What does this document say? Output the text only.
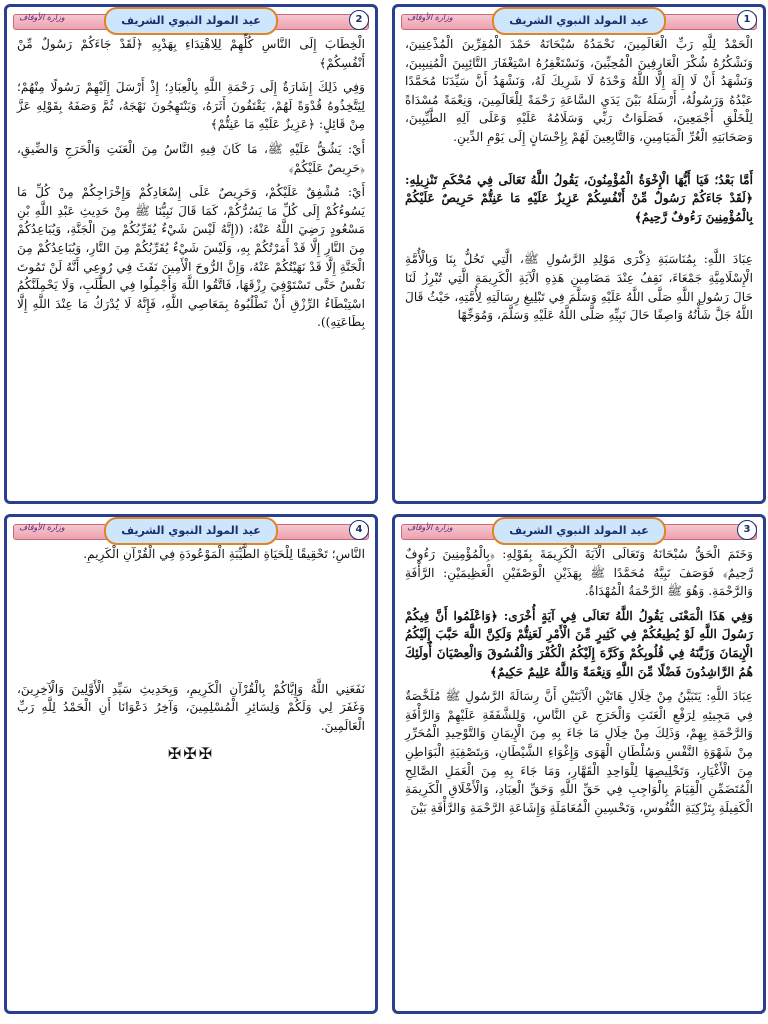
وزارة الأوقاف	عيد المولد النبوي الشريف	1

الْحَمْدُ لِلَّهِ رَبِّ الْعَالَمِينَ، نَحْمَدُهُ سُبْحَانَهُ حَمْدَ الْمُقِرِّينَ الْمُذْعِنِينَ، وَنَشْكُرُهُ شُكْرَ الْعَارِفِينَ الْمُحِبِّينَ، وَنَسْتَغْفِرُهُ اسْتِغْفَارَ التَّائِبِينَ الْمُنِيبِينَ، وَنَشْهَدُ أَنْ لَا إِلَهَ إِلَّا اللَّهُ وَحْدَهُ لَا شَرِيكَ لَهُ، وَنَشْهَدُ أَنَّ سَيِّدَنَا مُحَمَّدًا عَبْدُهُ وَرَسُولُهُ، أَرْسَلَهُ بَيْنَ يَدَيِ السَّاعَةِ رَحْمَةً لِلْعَالَمِينَ، وَنِعْمَةً مُسْدَاةً لِلْخَلْقِ أَجْمَعِينَ، فَصَلَوَاتُ رَبِّي وَسَلَامُهُ عَلَيْهِ وَعَلَى آلِهِ الطَّيِّبِينَ، وَصَحَابَتِهِ الْغُرِّ الْمَيَامِينِ، وَالتَّابِعِينَ لَهُمْ بِإِحْسَانٍ إِلَى يَوْمِ الدِّينِ.

أَمَّا بَعْدُ؛ فَيَا أَيُّهَا الْإِخْوَةُ الْمُؤْمِنُونَ، يَقُولُ اللَّهُ تَعَالَى فِي مُحْكَمِ تَنْزِيلِهِ: ﴿لَقَدْ جَاءَكُمْ رَسُولٌ مِّنْ أَنْفُسِكُمْ عَزِيزٌ عَلَيْهِ مَا عَنِتُّمْ حَرِيصٌ عَلَيْكُمْ بِالْمُؤْمِنِينَ رَءُوفٌ رَّحِيمٌ﴾

عِبَادَ اللَّهِ: بِمُنَاسَبَةِ ذِكْرَى مَوْلِدِ الرَّسُولِ ﷺ، الَّتِي تَحُلُّ بِنَا وَبِالْأُمَّةِ الْإِسْلَامِيَّةِ جَمْعَاءَ، نَقِفُ عِنْدَ مَضَامِينِ هَذِهِ الْآيَةِ الْكَرِيمَةِ الَّتِي تُبْرِزُ لَنَا حَالَ رَسُولِ اللَّهِ صَلَّى اللَّهُ عَلَيْهِ وَسَلَّمَ فِي تَبْلِيغِ رِسَالَتِهِ لِأُمَّتِهِ، حَيْثُ قَالَ اللَّهُ جَلَّ شَأْنُهُ وَاصِفًا حَالَ نَبِيِّهِ صَلَّى اللَّهُ عَلَيْهِ وَسَلَّمَ، وَمُوَجِّهًا

وزارة الأوقاف	عيد المولد النبوي الشريف	2

الْخِطَابَ إِلَى النَّاسِ كُلِّهِمْ لِلِاهْتِدَاءِ بِهَدْيِهِ ﴿لَقَدْ جَاءَكُمْ رَسُولٌ مِّنْ أَنْفُسِكُمْ﴾

وَفِي ذَلِكَ إِشَارَةٌ إِلَى رَحْمَةِ اللَّهِ بِالْعِبَادِ؛ إِذْ أَرْسَلَ إِلَيْهِمْ رَسُولًا مِنْهُمْ؛ لِيَتَّخِذُوهُ قُدْوَةً لَهُمْ، يَقْتَفُونَ أَثَرَهُ، وَيَنْتَهِجُونَ نَهْجَهُ، ثُمَّ وَصَفَهُ بِقَوْلِهِ عَزَّ مِنْ قَائِلٍ: ﴿عَزِيزٌ عَلَيْهِ مَا عَنِتُّمْ﴾

أَيْ: يَشُقُّ عَلَيْهِ ﷺ، مَا كَانَ فِيهِ النَّاسُ مِنَ الْعَنَتِ وَالْحَرَجِ وَالضِّيقِ، ﴿حَرِيصٌ عَلَيْكُمْ﴾

أَيْ: مُشْفِقٌ عَلَيْكُمْ، وَحَرِيصٌ عَلَى إِسْعَادِكُمْ وَإِخْرَاجِكُمْ مِنْ كُلِّ مَا يَسُوءُكُمْ إِلَى كُلِّ مَا يَسُرُّكُمْ، كَمَا قَالَ نَبِيُّنَا ﷺ مِنْ حَدِيثِ عَبْدِ اللَّهِ بْنِ مَسْعُودٍ رَضِيَ اللَّهُ عَنْهُ: ((إِنَّهُ لَيْسَ شَيْءٌ يُقَرِّبُكُمْ مِنَ الْجَنَّةِ، وَيُبَاعِدُكُمْ مِنَ النَّارِ إِلَّا قَدْ أَمَرْتُكُمْ بِهِ، وَلَيْسَ شَيْءٌ يُقَرِّبُكُمْ مِنَ النَّارِ، وَيُبَاعِدُكُمْ مِنَ الْجَنَّةِ إِلَّا قَدْ نَهَيْتُكُمْ عَنْهُ، وَإِنَّ الرُّوحَ الْأَمِينَ نَفَثَ فِي رُوعِي أَنَّهُ لَنْ تَمُوتَ نَفْسٌ حَتَّى تَسْتَوْفِيَ رِزْقَهَا، فَاتَّقُوا اللَّهَ وَأَجْمِلُوا فِي الطَّلَبِ، وَلَا يَحْمِلَنَّكُمُ اسْتِبْطَاءُ الرِّزْقِ أَنْ تَطْلُبُوهُ بِمَعَاصِي اللَّهِ، فَإِنَّهُ لَا يُدْرَكُ مَا عِنْدَ اللَّهِ إِلَّا بِطَاعَتِهِ)).

وزارة الأوقاف	عيد المولد النبوي الشريف	3

وَخَتَمَ الْحَقُّ سُبْحَانَهُ وَتَعَالَى الْآيَةَ الْكَرِيمَةَ بِقَوْلِهِ: ﴿بِالْمُؤْمِنِينَ رَءُوفٌ رَّحِيمٌ﴾ فَوَصَفَ نَبِيَّهُ مُحَمَّدًا ﷺ بِهَذَيْنِ الْوَصْفَيْنِ الْعَظِيمَيْنِ: الرَّأْفَةِ وَالرَّحْمَةِ. وَهُوَ ﷺ الرَّحْمَةُ الْمُهْدَاةُ.

وَفِي هَذَا الْمَعْنَى يَقُولُ اللَّهُ تَعَالَى فِي آيَةٍ أُخْرَى: ﴿وَاعْلَمُوا أَنَّ فِيكُمْ رَسُولَ اللَّهِ لَوْ يُطِيعُكُمْ فِي كَثِيرٍ مِّنَ الْأَمْرِ لَعَنِتُّمْ وَلَكِنَّ اللَّهَ حَبَّبَ إِلَيْكُمُ الْإِيمَانَ وَزَيَّنَهُ فِي قُلُوبِكُمْ وَكَرَّهَ إِلَيْكُمُ الْكُفْرَ وَالْفُسُوقَ وَالْعِصْيَانَ أُولَئِكَ هُمُ الرَّاشِدُونَ فَضْلًا مِّنَ اللَّهِ وَنِعْمَةً وَاللَّهُ عَلِيمٌ حَكِيمٌ﴾

عِبَادَ اللَّهِ: يَتَبَيَّنُ مِنْ خِلَالِ هَاتَيْنِ الْآيَتَيْنِ أَنَّ رِسَالَةَ الرَّسُولِ ﷺ مُلَخَّصَةٌ فِي مَجِيئِهِ لِرَفْعِ الْعَنَتِ وَالْحَرَجِ عَنِ النَّاسِ، وَلِلشَّفَقَةِ عَلَيْهِمْ وَالرَّأْفَةِ وَالرَّحْمَةِ بِهِمْ، وَذَلِكَ مِنْ خِلَالِ مَا جَاءَ بِهِ مِنَ الْإِيمَانِ وَالتَّوْحِيدِ الْمُحَرِّرِ مِنْ شَهْوَةِ النَّفْسِ وَسُلْطَانِ الْهَوَى وَإِغْوَاءِ الشَّيْطَانِ، وَبِتَصْفِيَةِ الْبَوَاطِنِ مِنَ الْأَغْيَارِ، وَتَخْلِيصِهَا لِلْوَاحِدِ الْقَهَّارِ، وَمَا جَاءَ بِهِ مِنَ الْعَمَلِ الصَّالِحِ الْمُتَضَمِّنِ الْقِيَامَ بِالْوَاجِبِ فِي حَقِّ اللَّهِ وَحَقِّ الْعِبَادِ، وَالْأَخْلَاقِ الْكَرِيمَةِ الْكَفِيلَةِ بِتَزْكِيَةِ النُّفُوسِ، وَتَحْسِينِ الْمُعَامَلَةِ وَإِشَاعَةِ الرَّحْمَةِ وَالرَّأْفَةِ بَيْنَ

وزارة الأوقاف	عيد المولد النبوي الشريف	4

النَّاسِ؛ تَحْقِيقًا لِلْحَيَاةِ الطَّيِّبَةِ الْمَوْعُودَةِ فِي الْقُرْآنِ الْكَرِيمِ.

نَفَعَنِي اللَّهُ وَإِيَّاكُمْ بِالْقُرْآنِ الْكَرِيمِ، وَبِحَدِيثِ سَيِّدِ الْأَوَّلِينَ وَالْآخِرِينَ، وَغَفَرَ لِي وَلَكُمْ وَلِسَائِرِ الْمُسْلِمِينَ، وَآخِرُ دَعْوَانَا أَنِ الْحَمْدُ لِلَّهِ رَبِّ الْعَالَمِينَ.

✠✠✠
